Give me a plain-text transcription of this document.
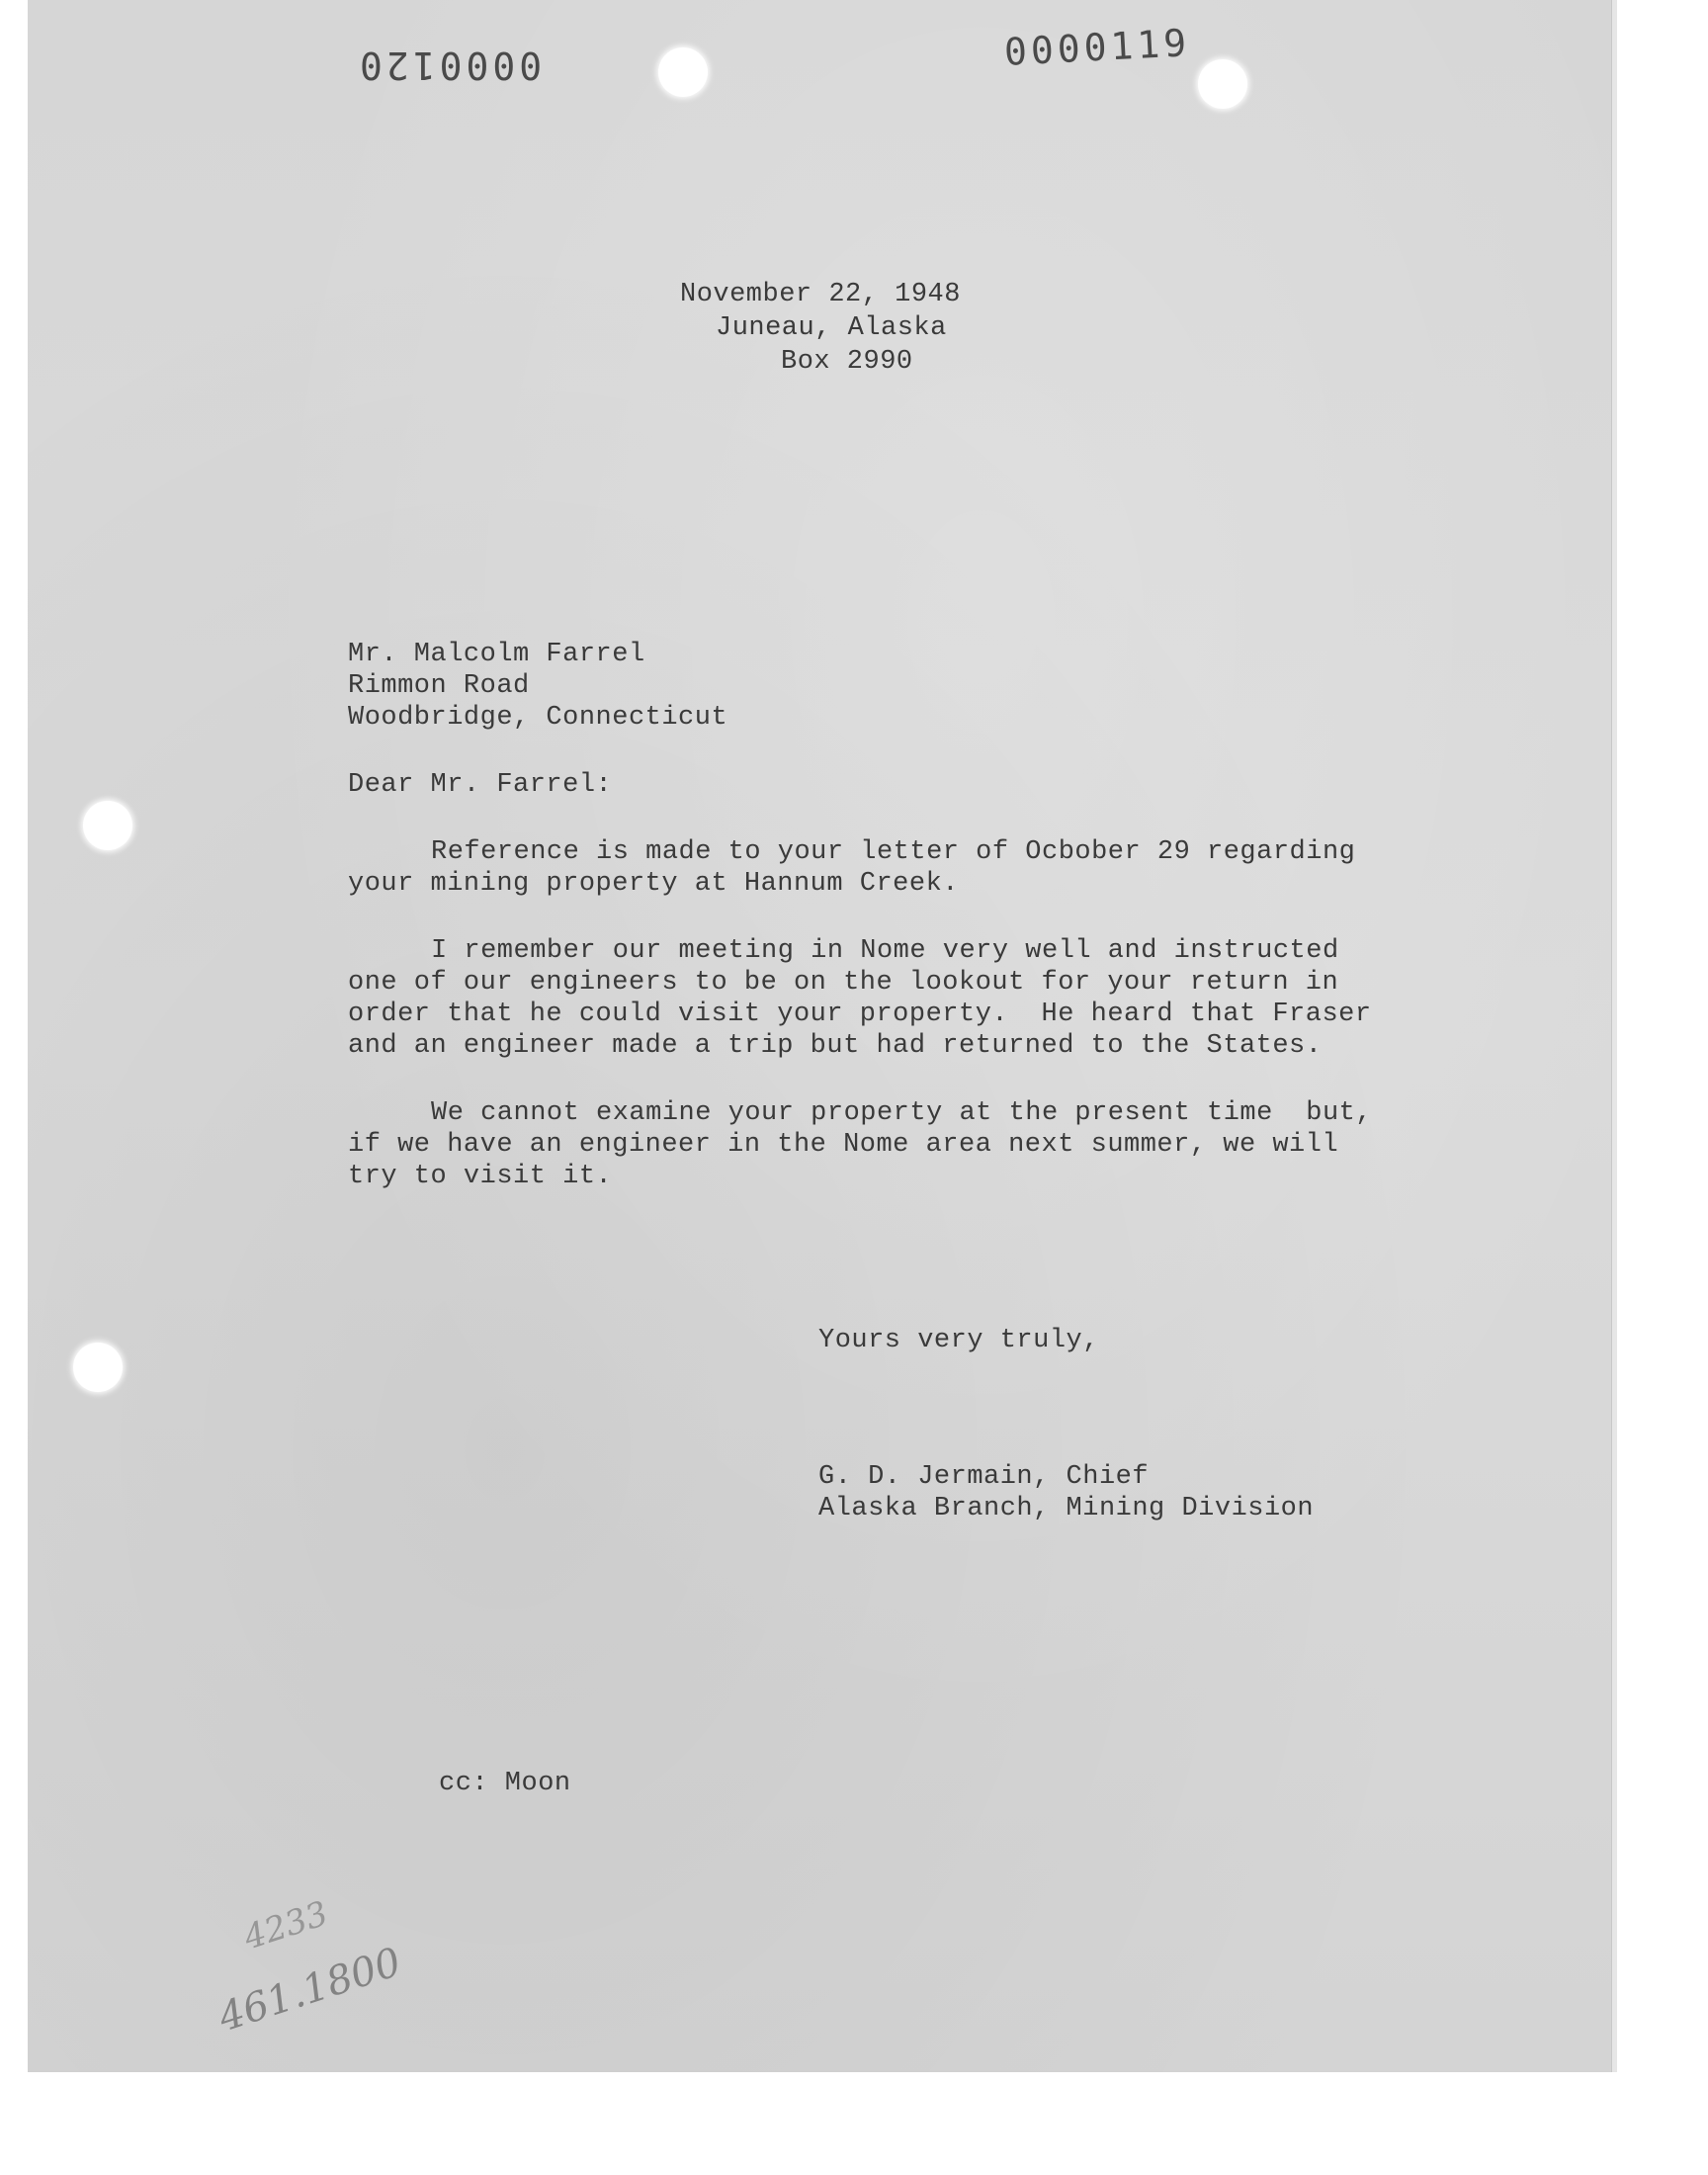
0000120	0000119
November 22, 1948
Juneau, Alaska
Box 2990
Mr. Malcolm Farrel
Rimmon Road
Woodbridge, Connecticut
Dear Mr. Farrel:
Reference is made to your letter of Ocbober 29 regarding
your mining property at Hannum Creek.
I remember our meeting in Nome very well and instructed
one of our engineers to be on the lookout for your return in
order that he could visit your property.  He heard that Fraser
and an engineer made a trip but had returned to the States.
We cannot examine your property at the present time  but,
if we have an engineer in the Nome area next summer, we will
try to visit it.
Yours very truly,
G. D. Jermain, Chief
Alaska Branch, Mining Division
cc: Moon
4233
461.1800
